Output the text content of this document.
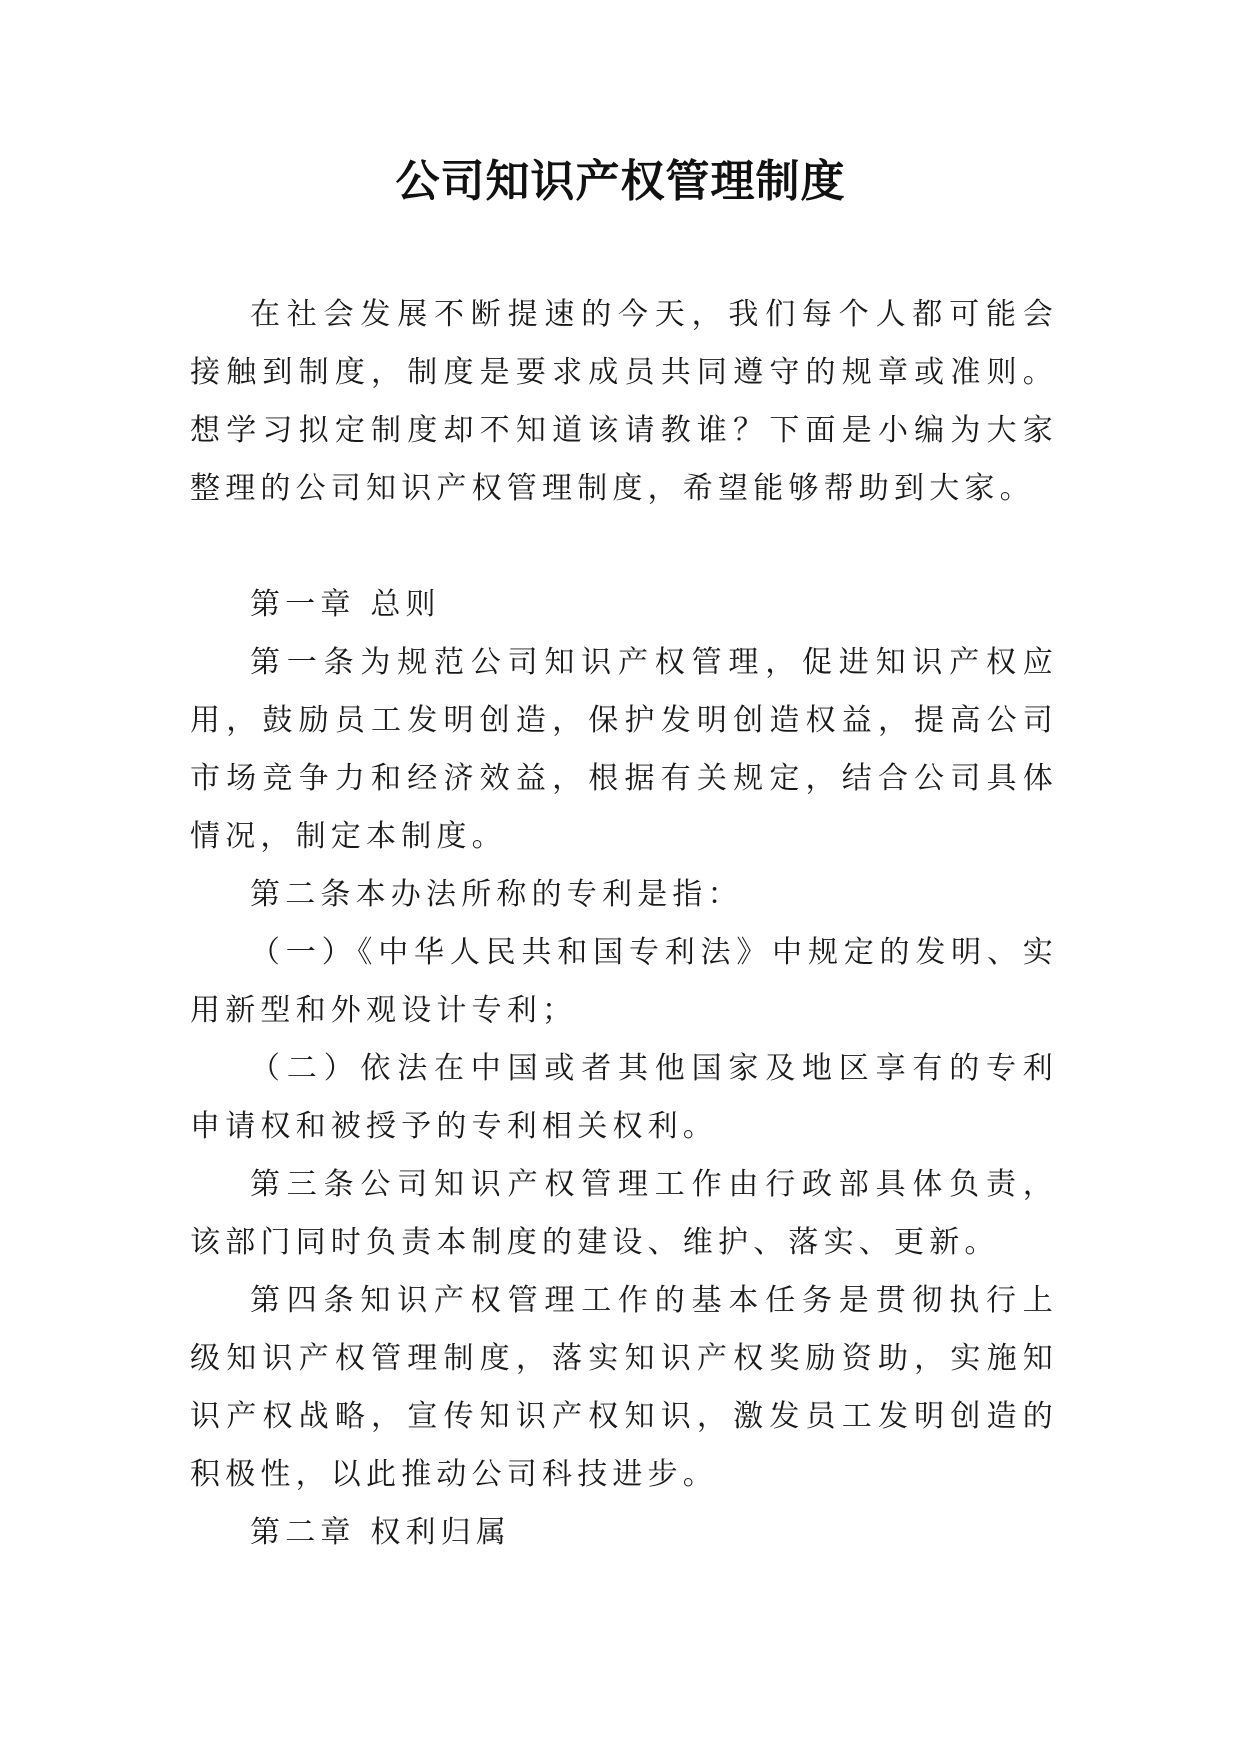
公司知识产权管理制度

在社会发展不断提速的今天，我们每个人都可能会接触到制度，制度是要求成员共同遵守的规章或准则。想学习拟定制度却不知道该请教谁？下面是小编为大家整理的公司知识产权管理制度，希望能够帮助到大家。

第一章 总则

第一条为规范公司知识产权管理，促进知识产权应用，鼓励员工发明创造，保护发明创造权益，提高公司市场竞争力和经济效益，根据有关规定，结合公司具体情况，制定本制度。

第二条本办法所称的专利是指：

（一）《中华人民共和国专利法》中规定的发明、实用新型和外观设计专利；

（二）依法在中国或者其他国家及地区享有的专利申请权和被授予的专利相关权利。

第三条公司知识产权管理工作由行政部具体负责，该部门同时负责本制度的建设、维护、落实、更新。

第四条知识产权管理工作的基本任务是贯彻执行上级知识产权管理制度，落实知识产权奖励资助，实施知识产权战略，宣传知识产权知识，激发员工发明创造的积极性，以此推动公司科技进步。

第二章 权利归属
